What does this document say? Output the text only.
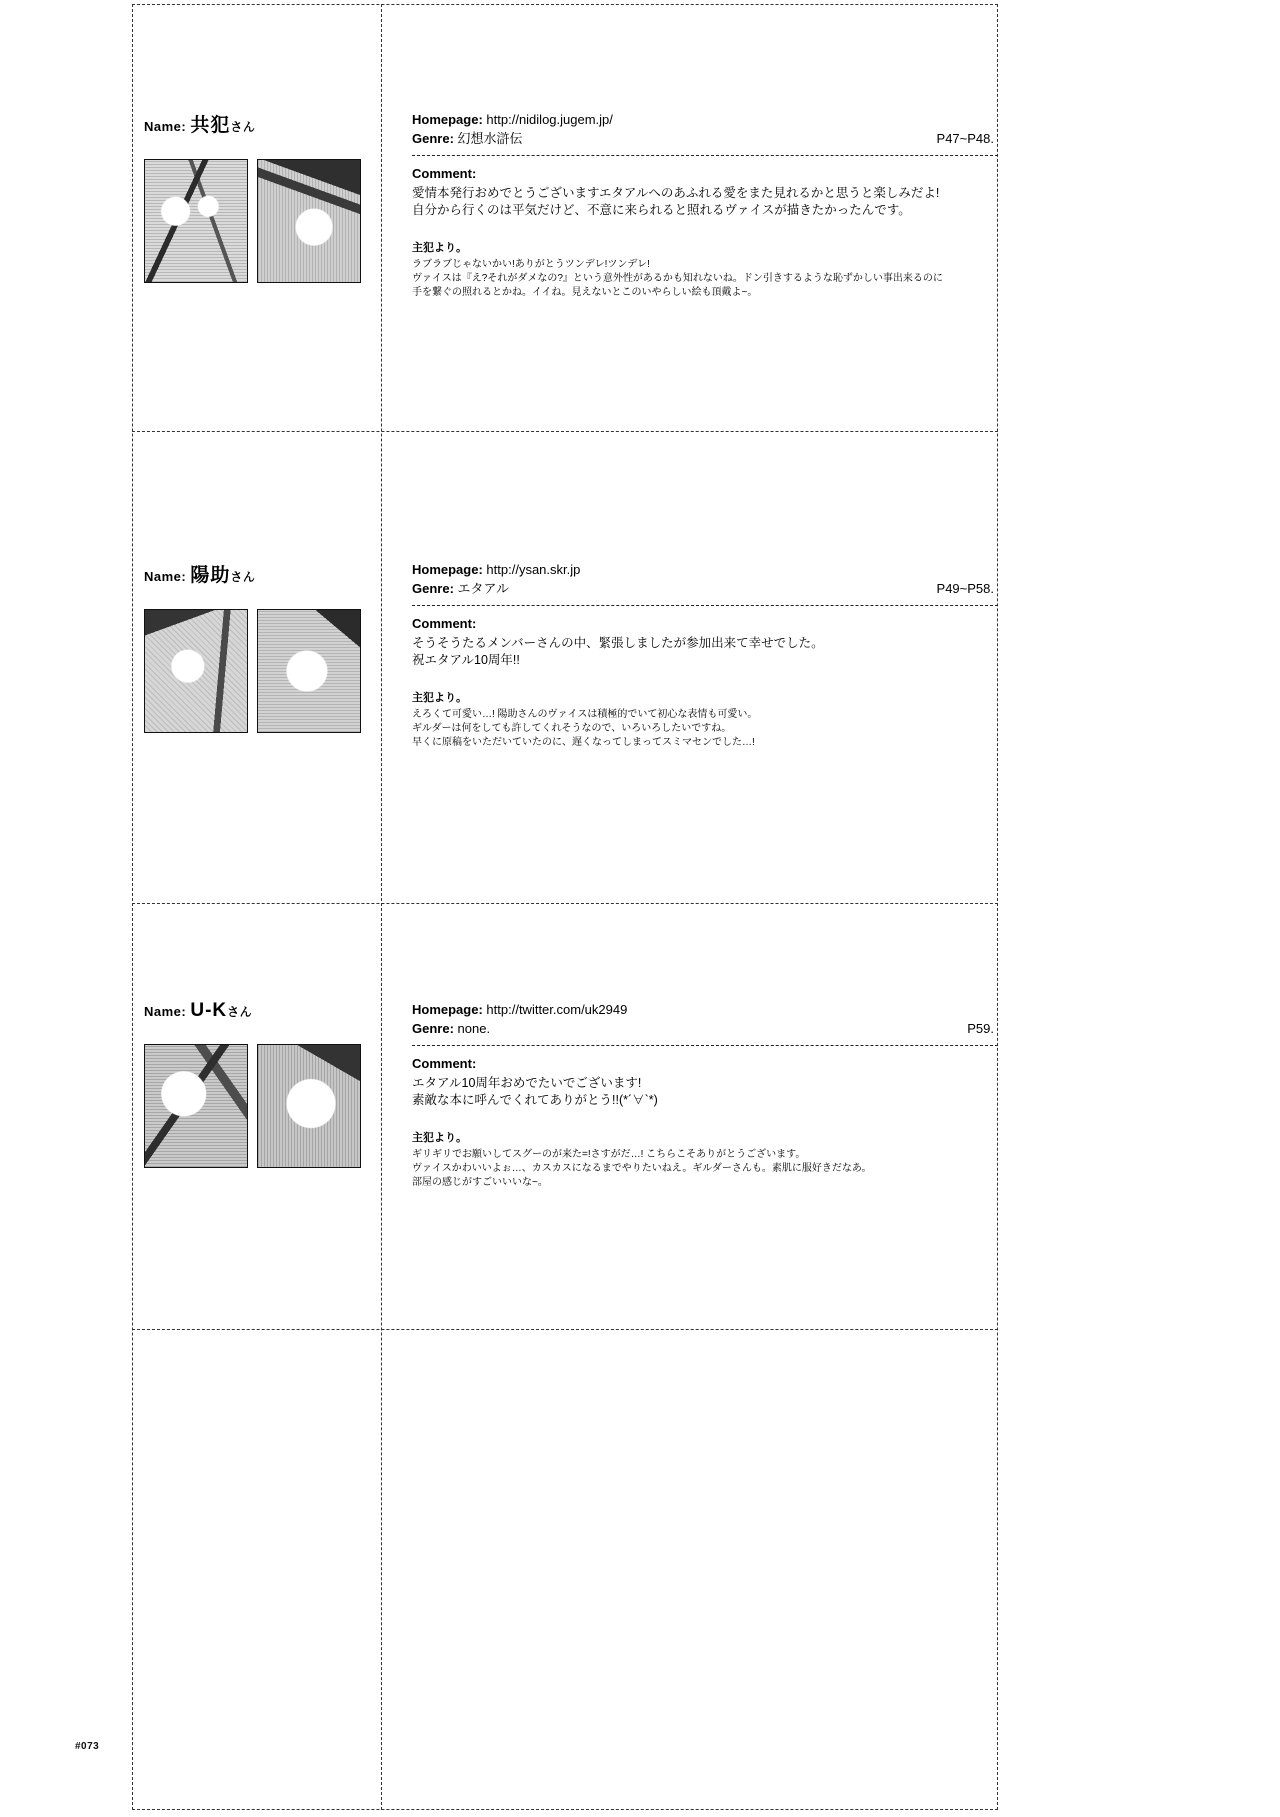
Name: 共犯さん	Homepage: http://nidilog.jugem.jp/
Genre: 幻想水滸伝	P47~P48.
Comment:
愛情本発行おめでとうございますエタアルへのあふれる愛をまた見れるかと思うと楽しみだよ!
自分から行くのは平気だけど、不意に来られると照れるヴァイスが描きたかったんです。
主犯より。
ラブラブじゃないかい!ありがとうツンデレ!ツンデレ!
ヴァイスは『え?それがダメなの?』という意外性があるかも知れないね。ドン引きするような恥ずかしい事出来るのに
手を繋ぐの照れるとかね。イイね。見えないとこのいやらしい絵も頂戴よ~。
Name: 陽助さん	Homepage: http://ysan.skr.jp
Genre: エタアル	P49~P58.
Comment:
そうそうたるメンバーさんの中、緊張しましたが参加出来て幸せでした。
祝エタアル10周年!!
主犯より。
えろくて可愛い…! 陽助さんのヴァイスは積極的でいて初心な表情も可愛い。
ギルダーは何をしても許してくれそうなので、いろいろしたいですね。
早くに原稿をいただいていたのに、遅くなってしまってスミマセンでした…!
Name: U-Kさん	Homepage: http://twitter.com/uk2949
Genre: none.	P59.
Comment:
エタアル10周年おめでたいでございます!
素敵な本に呼んでくれてありがとう!!(*´∀`*)
主犯より。
ギリギリでお願いしてスグーのが来た=!さすがだ…! こちらこそありがとうございます。
ヴァイスかわいいよぉ…、カスカスになるまでやりたいねえ。ギルダーさんも。素肌に服好きだなあ。
部屋の感じがすごいいいな~。
#073
